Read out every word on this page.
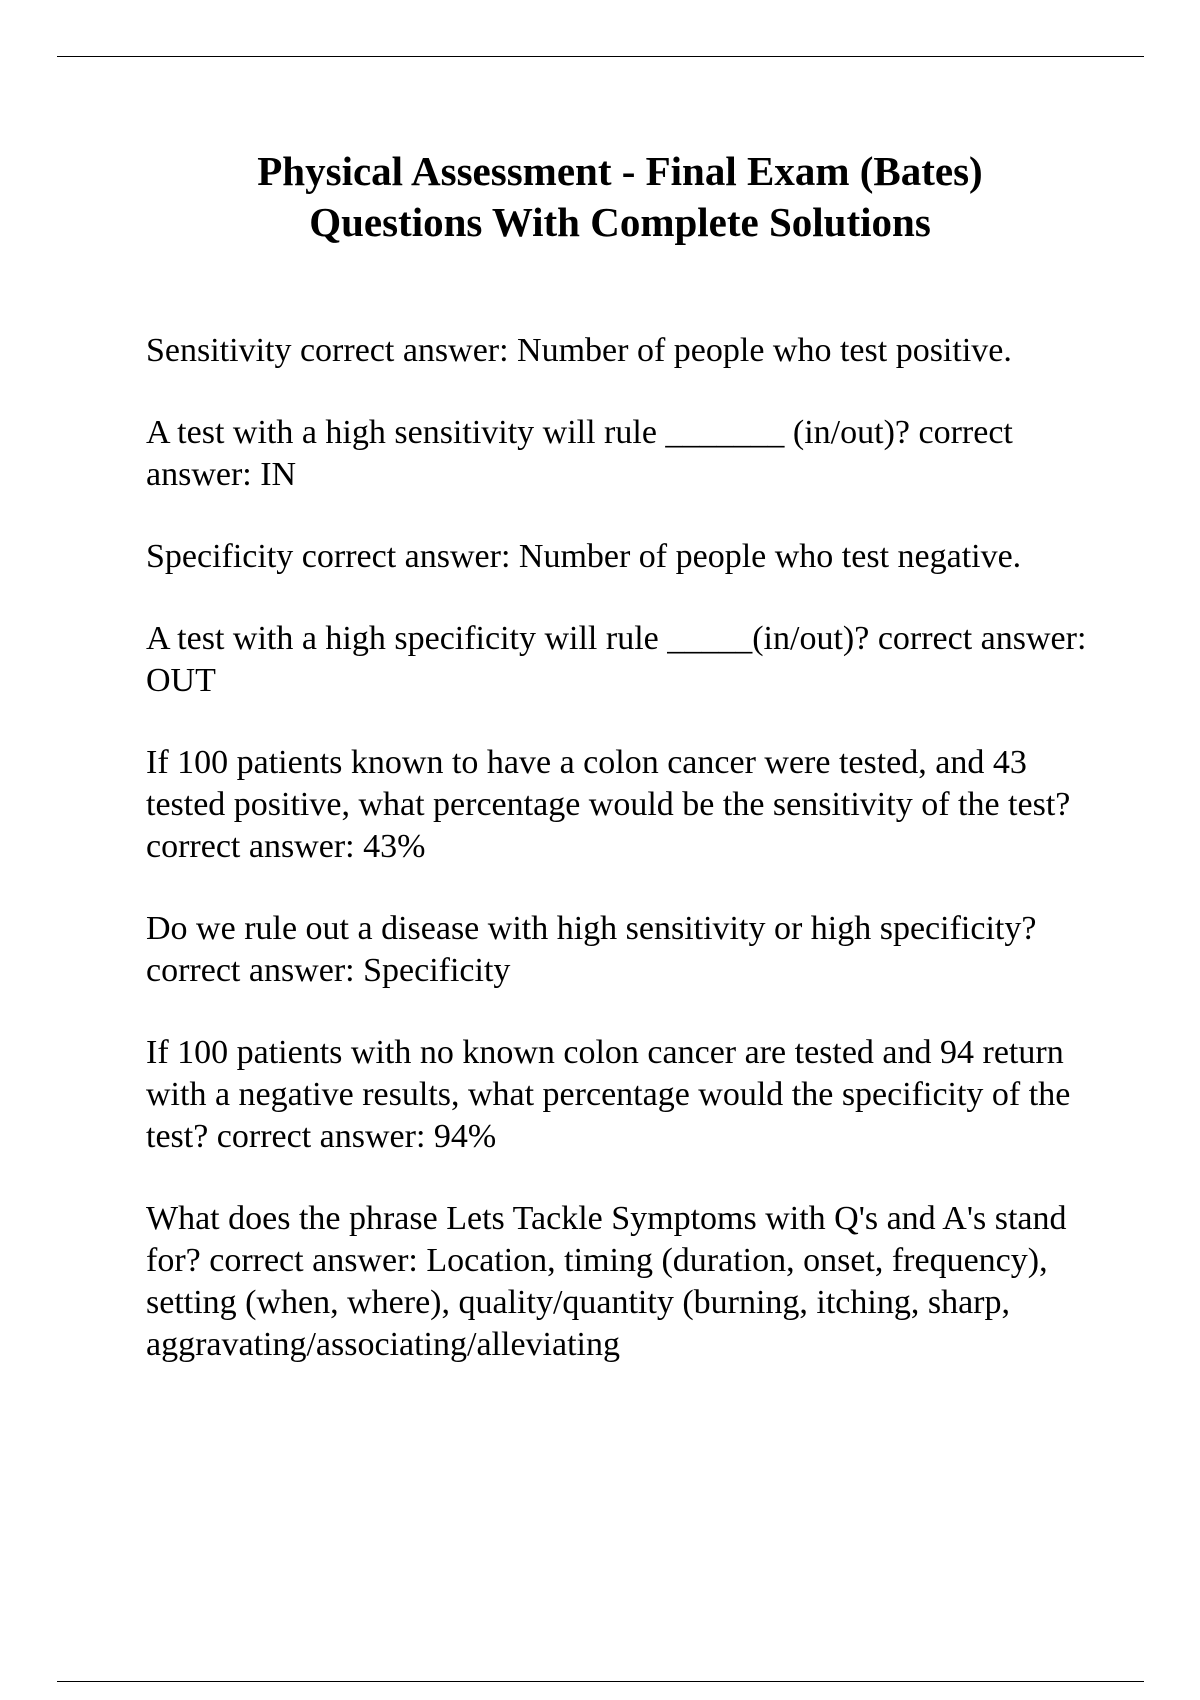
Physical Assessment - Final Exam (Bates)
Questions With Complete Solutions

Sensitivity correct answer: Number of people who test positive.

A test with a high sensitivity will rule _______ (in/out)? correct answer: IN

Specificity correct answer: Number of people who test negative.

A test with a high specificity will rule _____(in/out)? correct answer: OUT

If 100 patients known to have a colon cancer were tested, and 43 tested positive, what percentage would be the sensitivity of the test? correct answer: 43%

Do we rule out a disease with high sensitivity or high specificity? correct answer: Specificity

If 100 patients with no known colon cancer are tested and 94 return with a negative results, what percentage would the specificity of the test? correct answer: 94%

What does the phrase Lets Tackle Symptoms with Q's and A's stand for? correct answer: Location, timing (duration, onset, frequency), setting (when, where), quality/quantity (burning, itching, sharp, aggravating/associating/alleviating
